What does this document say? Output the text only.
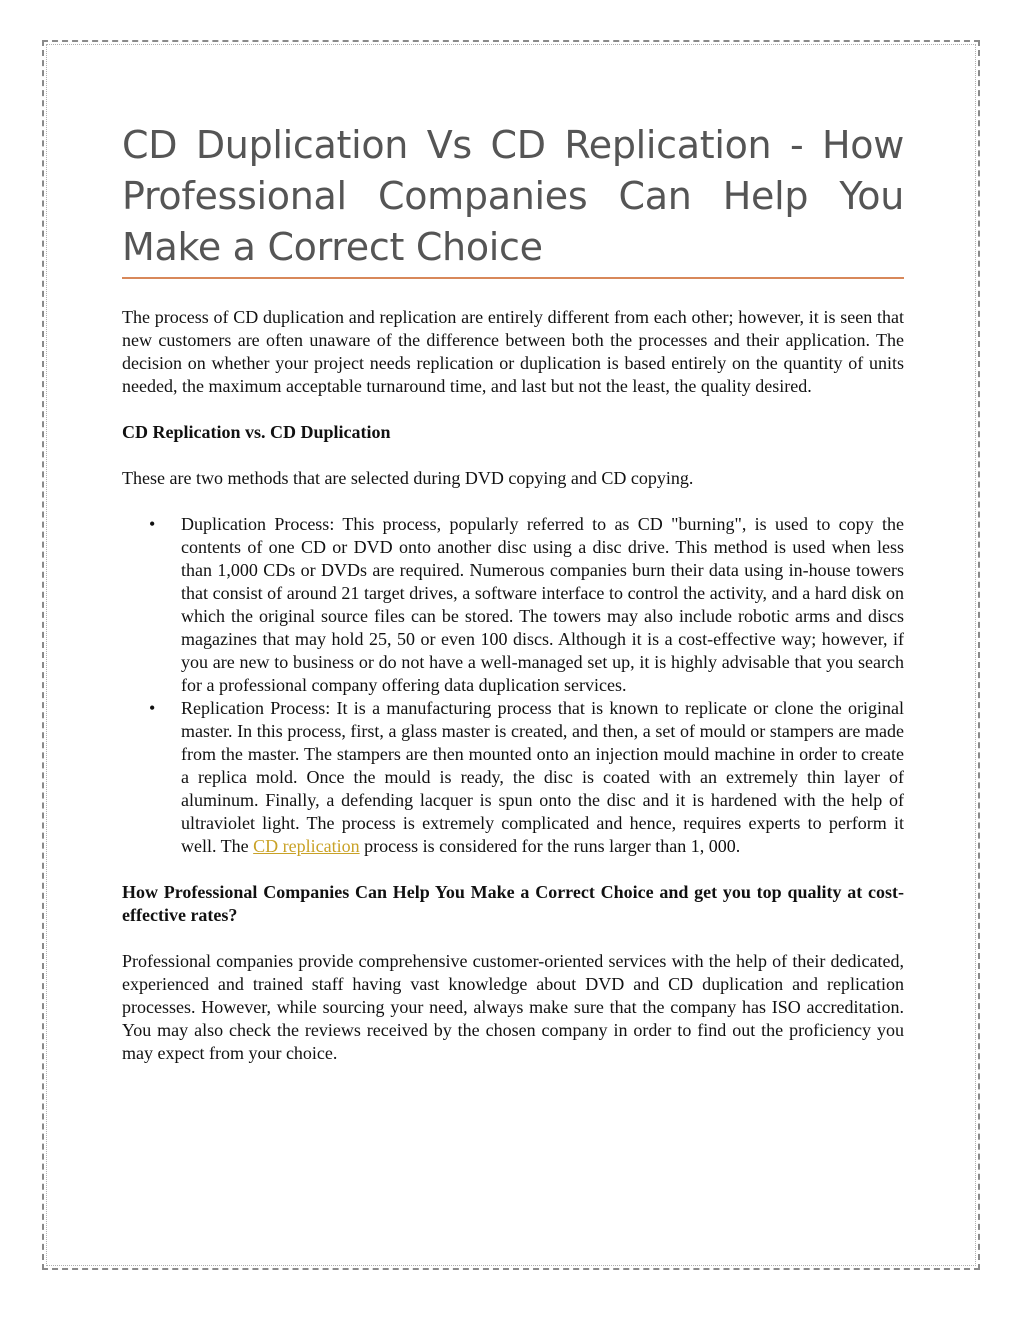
CD Duplication Vs CD Replication - How Professional Companies Can Help You Make a Correct Choice

The process of CD duplication and replication are entirely different from each other; however, it is seen that new customers are often unaware of the difference between both the processes and their application. The decision on whether your project needs replication or duplication is based entirely on the quantity of units needed, the maximum acceptable turnaround time, and last but not the least, the quality desired.

CD Replication vs. CD Duplication

These are two methods that are selected during DVD copying and CD copying.

• Duplication Process: This process, popularly referred to as CD "burning", is used to copy the contents of one CD or DVD onto another disc using a disc drive. This method is used when less than 1,000 CDs or DVDs are required. Numerous companies burn their data using in-house towers that consist of around 21 target drives, a software interface to control the activity, and a hard disk on which the original source files can be stored. The towers may also include robotic arms and discs magazines that may hold 25, 50 or even 100 discs. Although it is a cost-effective way; however, if you are new to business or do not have a well-managed set up, it is highly advisable that you search for a professional company offering data duplication services.

• Replication Process: It is a manufacturing process that is known to replicate or clone the original master. In this process, first, a glass master is created, and then, a set of mould or stampers are made from the master. The stampers are then mounted onto an injection mould machine in order to create a replica mold. Once the mould is ready, the disc is coated with an extremely thin layer of aluminum. Finally, a defending lacquer is spun onto the disc and it is hardened with the help of ultraviolet light. The process is extremely complicated and hence, requires experts to perform it well. The CD replication process is considered for the runs larger than 1, 000.

How Professional Companies Can Help You Make a Correct Choice and get you top quality at cost-effective rates?

Professional companies provide comprehensive customer-oriented services with the help of their dedicated, experienced and trained staff having vast knowledge about DVD and CD duplication and replication processes. However, while sourcing your need, always make sure that the company has ISO accreditation. You may also check the reviews received by the chosen company in order to find out the proficiency you may expect from your choice.
